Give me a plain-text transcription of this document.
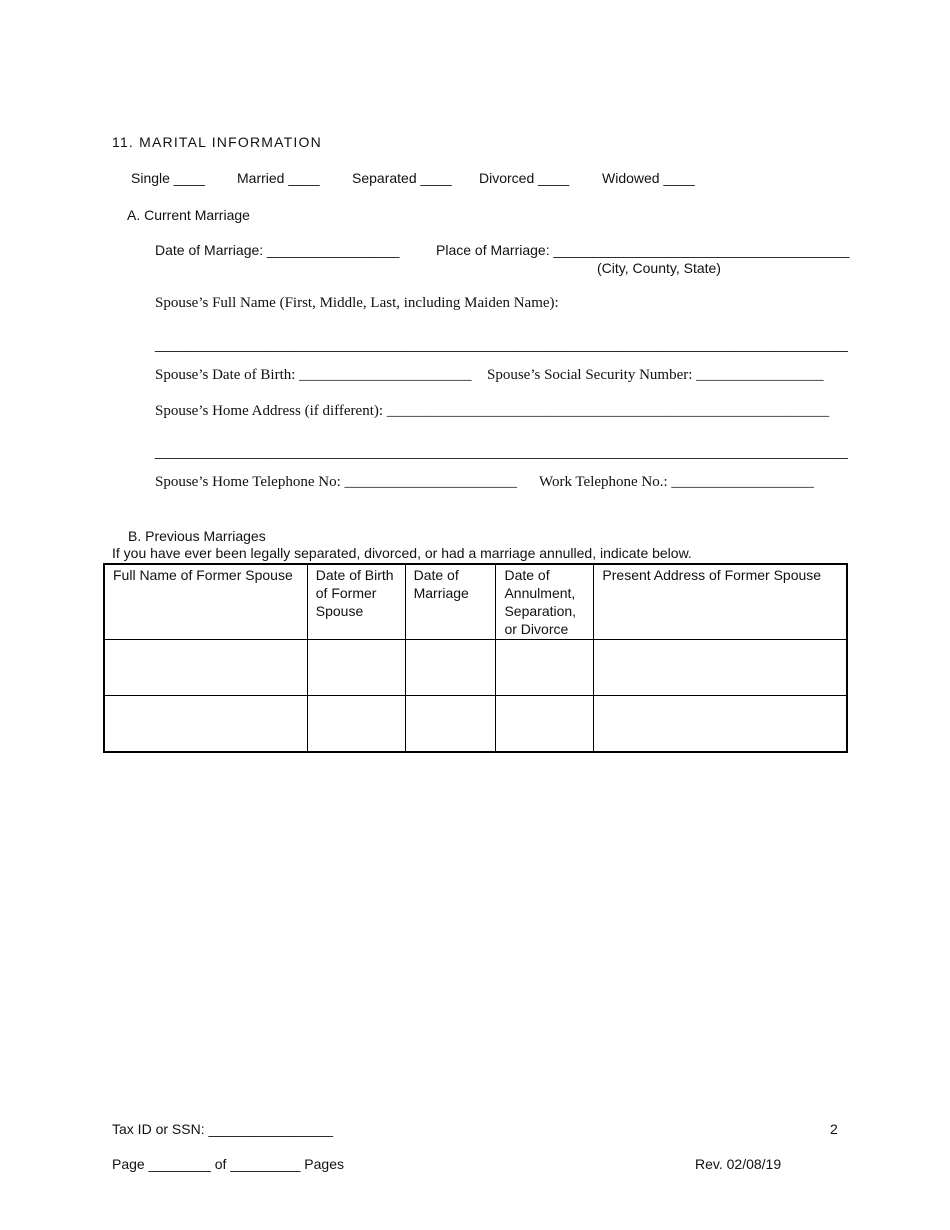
11. MARITAL INFORMATION
Single ____ Married ____ Separated ____ Divorced ____ Widowed ____
A. Current Marriage
Date of Marriage: _________________	Place of Marriage: ______________________________________
(City, County, State)
Spouse’s Full Name (First, Middle, Last, including Maiden Name):
_________________________________________________________________________________________
Spouse’s Date of Birth: _______________________ Spouse’s Social Security Number: _________________
Spouse’s Home Address (if different): ___________________________________________________________
_________________________________________________________________________________________
Spouse’s Home Telephone No: _______________________ Work Telephone No.: ___________________
B. Previous Marriages
If you have ever been legally separated, divorced, or had a marriage annulled, indicate below.
Full Name of Former Spouse	Date of Birth of Former Spouse	Date of Marriage	Date of Annulment, Separation, or Divorce	Present Address of Former Spouse

Tax ID or SSN: ________________	2
Page ________ of _________ Pages	Rev. 02/08/19
